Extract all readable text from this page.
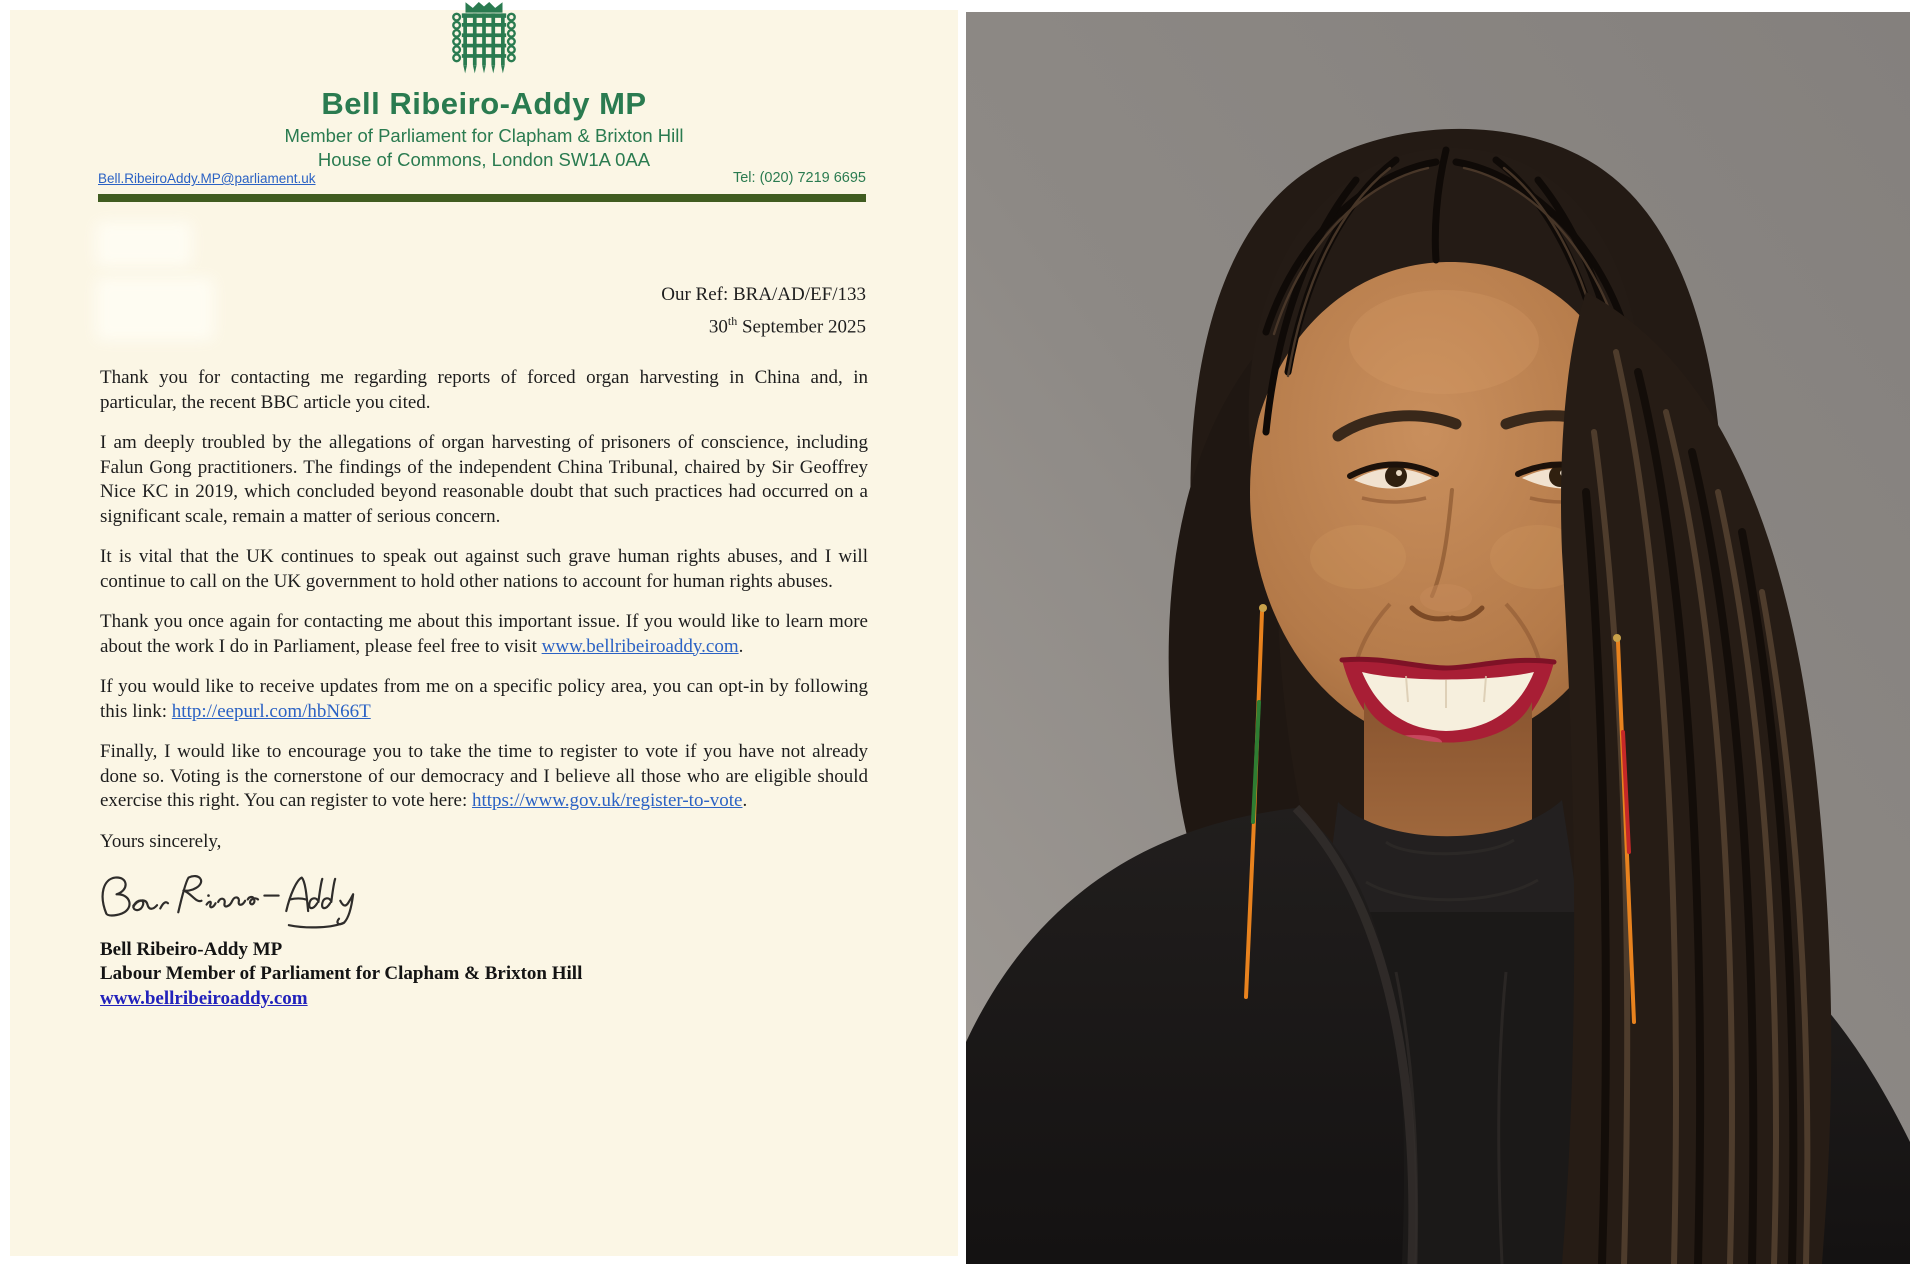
Bell Ribeiro-Addy MP
Member of Parliament for Clapham & Brixton Hill
House of Commons, London SW1A 0AA
Bell.RibeiroAddy.MP@parliament.uk	Tel: (020) 7219 6695
Our Ref: BRA/AD/EF/133
30th September 2025

Thank you for contacting me regarding reports of forced organ harvesting in China and, in particular, the recent BBC article you cited.

I am deeply troubled by the allegations of organ harvesting of prisoners of conscience, including Falun Gong practitioners. The findings of the independent China Tribunal, chaired by Sir Geoffrey Nice KC in 2019, which concluded beyond reasonable doubt that such practices had occurred on a significant scale, remain a matter of serious concern.

It is vital that the UK continues to speak out against such grave human rights abuses, and I will continue to call on the UK government to hold other nations to account for human rights abuses.

Thank you once again for contacting me about this important issue. If you would like to learn more about the work I do in Parliament, please feel free to visit www.bellribeiroaddy.com.

If you would like to receive updates from me on a specific policy area, you can opt-in by following this link: http://eepurl.com/hbN66T

Finally, I would like to encourage you to take the time to register to vote if you have not already done so. Voting is the cornerstone of our democracy and I believe all those who are eligible should exercise this right. You can register to vote here: https://www.gov.uk/register-to-vote.

Yours sincerely,

Bell Ribeiro-Addy MP
Labour Member of Parliament for Clapham & Brixton Hill
www.bellribeiroaddy.com
